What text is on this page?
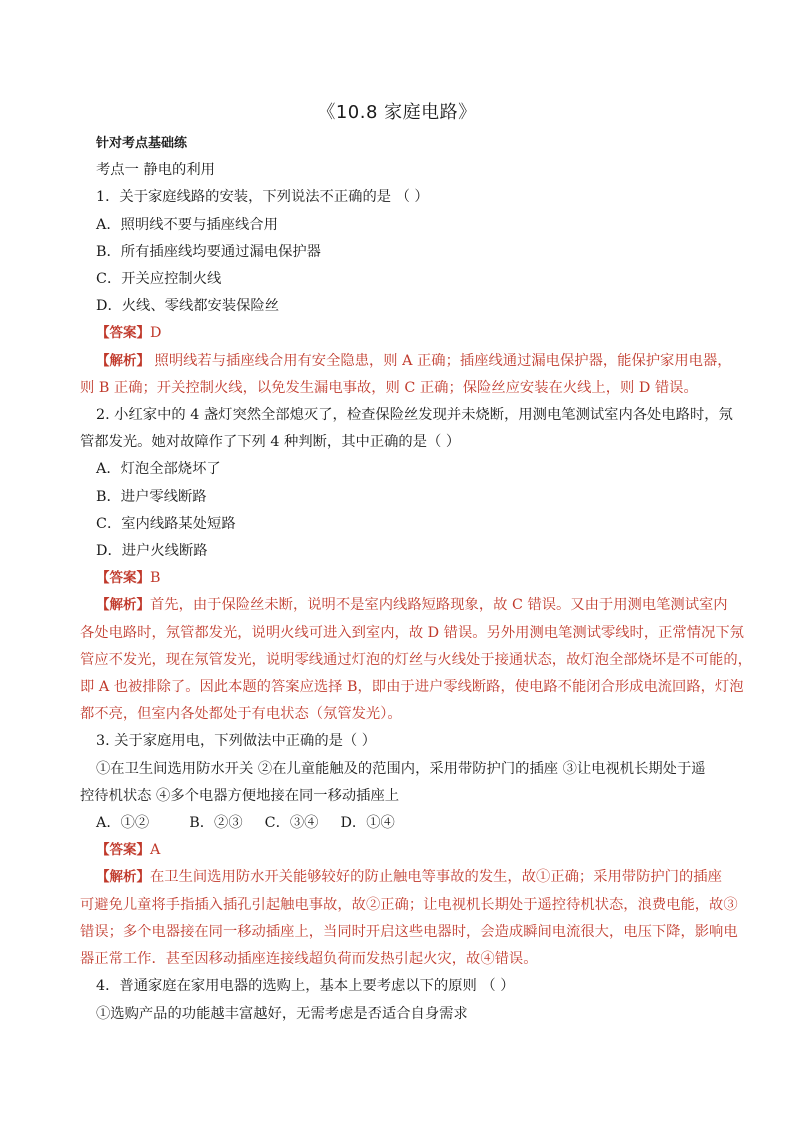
《10.8 家庭电路》
针对考点基础练
考点一 静电的利用
1．关于家庭线路的安装，下列说法不正确的是 （ ）
A．照明线不要与插座线合用
B．所有插座线均要通过漏电保护器
C．开关应控制火线
D．火线、零线都安装保险丝
【答案】D
【解析】 照明线若与插座线合用有安全隐患，则 A 正确；插座线通过漏电保护器，能保护家用电器，
则 B 正确；开关控制火线，以免发生漏电事故，则 C 正确；保险丝应安装在火线上，则 D 错误。
2. 小红家中的 4 盏灯突然全部熄灭了，检查保险丝发现并未烧断，用测电笔测试室内各处电路时，氖
管都发光。她对故障作了下列 4 种判断，其中正确的是（ ）
A．灯泡全部烧坏了
B．进户零线断路
C．室内线路某处短路
D．进户火线断路
【答案】B
【解析】首先，由于保险丝未断，说明不是室内线路短路现象，故 C 错误。又由于用测电笔测试室内
各处电路时，氖管都发光，说明火线可进入到室内，故 D 错误。另外用测电笔测试零线时，正常情况下氖
管应不发光，现在氖管发光，说明零线通过灯泡的灯丝与火线处于接通状态，故灯泡全部烧坏是不可能的，
即 A 也被排除了。因此本题的答案应选择 B，即由于进户零线断路，使电路不能闭合形成电流回路，灯泡
都不亮，但室内各处都处于有电状态（氖管发光）。
3. 关于家庭用电，下列做法中正确的是（ ）
①在卫生间选用防水开关 ②在儿童能触及的范围内，采用带防护门的插座 ③让电视机长期处于遥
控待机状态 ④多个电器方便地接在同一移动插座上
A．①②	B．②③ C．③④ D．①④
【答案】A
【解析】在卫生间选用防水开关能够较好的防止触电等事故的发生，故①正确；采用带防护门的插座
可避免儿童将手指插入插孔引起触电事故，故②正确；让电视机长期处于遥控待机状态，浪费电能，故③
错误；多个电器接在同一移动插座上，当同时开启这些电器时，会造成瞬间电流很大，电压下降，影响电
器正常工作．甚至因移动插座连接线超负荷而发热引起火灾，故④错误。
4．普通家庭在家用电器的选购上，基本上要考虑以下的原则 （ ）
①选购产品的功能越丰富越好，无需考虑是否适合自身需求
